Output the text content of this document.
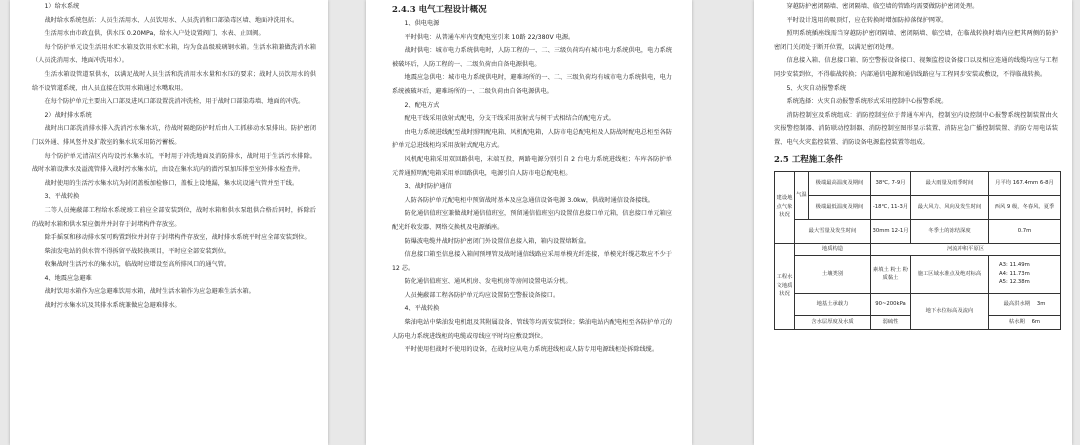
1）给水系统

战时给水系统包括：人员生活用水、人员饮用水、人员洗消和口部染毒区墙、地面冲洗用水。

生活用水由市政直供，供水压 0.20MPa，给水入户处设置阀门、水表、止回阀。

每个防护单元设生活用水贮水箱及饮用水贮水箱，均为食品级玻璃钢水箱。生活水箱兼做洗消水箱（人员洗消用水、地面冲洗用水）。

生活水箱设管道泵供水，以满足战时人员生活和洗消用水水量和水压的要求；战时人员饮用水的供给不设管道系统，由人员直接在饮用水箱通过水嘴取用。

在每个防护单元主要出入口部及进风口部设置洗消冲洗栓，用于战时口部染毒墙、地面的冲洗。

2）战时排水系统

战时出口部洗消排水排入洗消污水集水坑，待战时隔绝防护时后由人工抓移动水泵排出。防护密闭门以外通、排风竖井及扩散室的集水坑采用防污蓄板。

每个防护单元清洁区内均设污水集水坑，平时用于冲洗地面及消防排水，战时用于生活污水排除。战时水箱设泄水及溢流管排入战时污水集水坑，由设在集水坑内的潜污泵加压排至室外排水检查井。

战时使用的生活污水集水坑为封闭盖板加检修口，盖板上设地漏，集水坑设通气管并至干线。

3、平战转换

二等人员掩蔽部工程给水系统竣工前应全部安装到位，战时水箱和供水泵组供合格后同时，拆除后的战时水箱和供水泵应偶井并封存于封堵构件存放室。

除手摇泵和移动排水泵可购置到位并封存于封堵构件存放室，战时排水系统平时应全部安装到位。

柴油发电站的供水管不得拆留平战转换项目，平时应全部安装到位。

收集战时生活污水的集水坑，临战时应增设至高所排风口的通气管。

4、地震应急避难

战时饮用水箱作为应急避难饮用水箱，战时生活水箱作为应急避难生活水箱。

战时污水集水坑及其排水系统兼做应急避难排水。

2.4.3 电气工程设计概况

1、供电电源

平时供电：从普通车库内变配电室引来 10路 22/380V 电源。

战时供电：城市电力系统供电时，人防工程的一、二、三级负荷均有城市电力系统供电，电力系统被破坏后，人防工程的一、二级负荷由自备电源供电。

地震应急供电：城市电力系统供电时，避难场所的一、二、三级负荷均有城市电力系统供电，电力系统被破坏后，避难场所的一、二级负荷由自备电源供电。

2、配电方式

配电干线采用放射式配电，分支干线采用放射式与树干式相结合的配电方式。

由电力系统进线配至战时照明配电箱、风机配电箱，人防市电总配电柜及人防战时配电总柜至各防护单元总进线柜均采用放射式配电方式。

风机配电箱采用双回路供电，末端互投，两路电源分别引自 2 台电力系统进线柜；车库各防护单元普通照明配电箱采用单回路供电，电源引自人防市电总配电柜。

3、战时防护通信

人防各防护单元配电柜中预留战时基本及应急通信设备电源 3.0kw，供战时通信设备接线。

防化通信值班室兼做战时通信值班室，预留通信值班室内设置信息接口单元箱，信息接口单元箱应配光纤收发器、网络交换机及电源插座。

防爆波电缆井战时防护密闭门外设置信息接入箱，箱内设置熔断盒。

信息接口箱至信息接入箱间预埋管及战时通信线路应采用单模光纤连接，单模光纤缆芯数应不少于 12 芯。

防化通信值班室、通风机房、发电机房等房间设置电话分机。

人员掩蔽部工程各防护单元均应设置防空警报设备接口。

4、平战转换

柴油电站中柴油发电机组及其附属设备、管线等均需安装到位；柴油电站内配电柜至各防护单元的人防电力系统进线柜的电缆或母线应平时均应敷设到位。

平时使用但战时不使用的设备，在战时应从电力系统进线柜或人防专用电源线柜处拆除线缆。

穿越防护密闭隔墙、密闭隔墙、临空墙的管路均需要做防护密闭处理。

平时设计选用的吸顶灯，应在转换时增加防掉落保护网罩。

照明系统插座线需当穿越防护密闭隔墙、密闭隔墙、临空墙，在临战转换时墙内应把其两侧的防护密闭门关闭处于断开位置，以满足密闭处理。

信息接入箱、信息接口箱、防空警报设备接口、视频监控设备接口以及相应连通的线缆均应与工程同步安装到位，不得临战转换；内部通信电源和通信线路应与工程同步安装或敷设，不得临战转换。

5、火灾自动报警系统

系统选择：火灾自动报警系统形式采用控制中心报警系统。

消防控制室及系统组成：消防控制室位于普通车库内，控制室内设控制中心报警系统控制装置由火灾报警控制器、消防联动控制器、消防控制室图形显示装置、消防应急广播控制装置、消防专用电话装置、电气火灾监控装置、消防设备电源监控装置等组成。

2.5 工程施工条件
建设地点气象状况	气温	极端最高温度及期间	38℃, 7-9月	最大雨量及雨季时间	月平均 167.4mm 6-8月
		极端最低温度及期间	-18℃, 11-3月	最大风力、风向及发生时间	西风 9 级，冬春风、夏季
	最大雪量及发生时间		30mm 12-1月	冬季土的冻结深度	0.7m
工程水文地质状况	地质构造		河流冲积平原区		
	土壤类别		素填土 粉土 粉质黏土	施工区域水准点及绝对标高	A3: 11.49m
A4: 11.73m
A5: 12.38m

	地基土承载力		90~200kPa	地下水位标高及流向	最高洪水期 3m
	含水层厚度及水质		弱硫性		枯水期 6m
